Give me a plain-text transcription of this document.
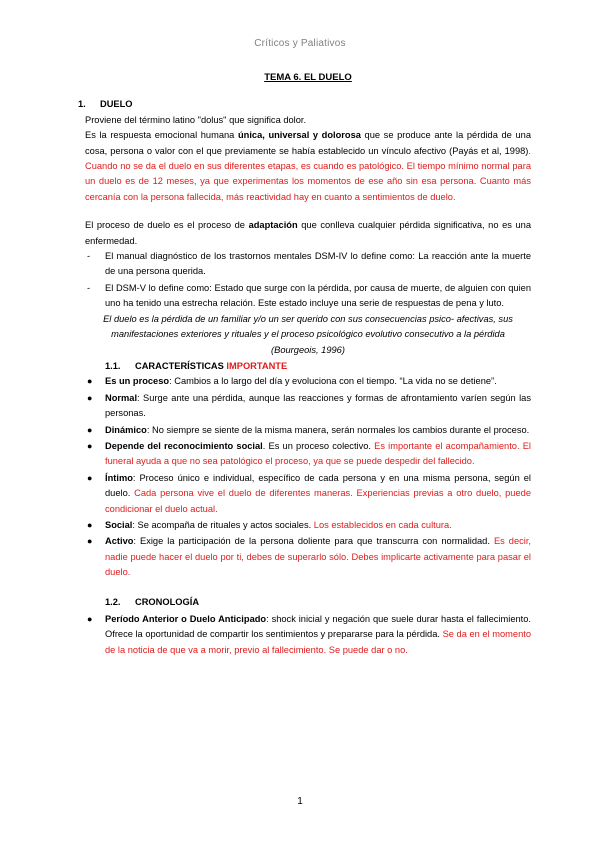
Críticos y Paliativos

TEMA 6. EL DUELO

1. DUELO

Proviene del término latino "dolus" que significa dolor.

Es la respuesta emocional humana única, universal y dolorosa que se produce ante la pérdida de una cosa, persona o valor con el que previamente se había establecido un vínculo afectivo (Payás et al, 1998). Cuando no se da el duelo en sus diferentes etapas, es cuando es patológico. El tiempo mínimo normal para un duelo es de 12 meses, ya que experimentas los momentos de ese año sin esa persona. Cuanto más cercanía con la persona fallecida, más reactividad hay en cuanto a sentimientos de duelo.

El proceso de duelo es el proceso de adaptación que conlleva cualquier pérdida significativa, no es una enfermedad.

- El manual diagnóstico de los trastornos mentales DSM-IV lo define como: La reacción ante la muerte de una persona querida.
- El DSM-V lo define como: Estado que surge con la pérdida, por causa de muerte, de alguien con quien uno ha tenido una estrecha relación. Este estado incluye una serie de respuestas de pena y luto.

El duelo es la pérdida de un familiar y/o un ser querido con sus consecuencias psico- afectivas, sus manifestaciones exteriores y rituales y el proceso psicológico evolutivo consecutivo a la pérdida

(Bourgeois, 1996)

1.1. CARACTERÍSTICAS IMPORTANTE

● Es un proceso: Cambios a lo largo del día y evoluciona con el tiempo. “La vida no se detiene”.
● Normal: Surge ante una pérdida, aunque las reacciones y formas de afrontamiento varíen según las personas.
● Dinámico: No siempre se siente de la misma manera, serán normales los cambios durante el proceso.
● Depende del reconocimiento social. Es un proceso colectivo. Es importante el acompañamiento. El funeral ayuda a que no sea patológico el proceso, ya que se puede despedir del fallecido.
● Íntimo: Proceso único e individual, específico de cada persona y en una misma persona, según el duelo. Cada persona vive el duelo de diferentes maneras. Experiencias previas a otro duelo, puede condicionar el duelo actual.
● Social: Se acompaña de rituales y actos sociales. Los establecidos en cada cultura.
● Activo: Exige la participación de la persona doliente para que transcurra con normalidad. Es decir, nadie puede hacer el duelo por ti, debes de superarlo sólo. Debes implicarte activamente para pasar el duelo.

1.2. CRONOLOGÍA

● Período Anterior o Duelo Anticipado: shock inicial y negación que suele durar hasta el fallecimiento. Ofrece la oportunidad de compartir los sentimientos y prepararse para la pérdida. Se da en el momento de la noticia de que va a morir, previo al fallecimiento. Se puede dar o no.
1
